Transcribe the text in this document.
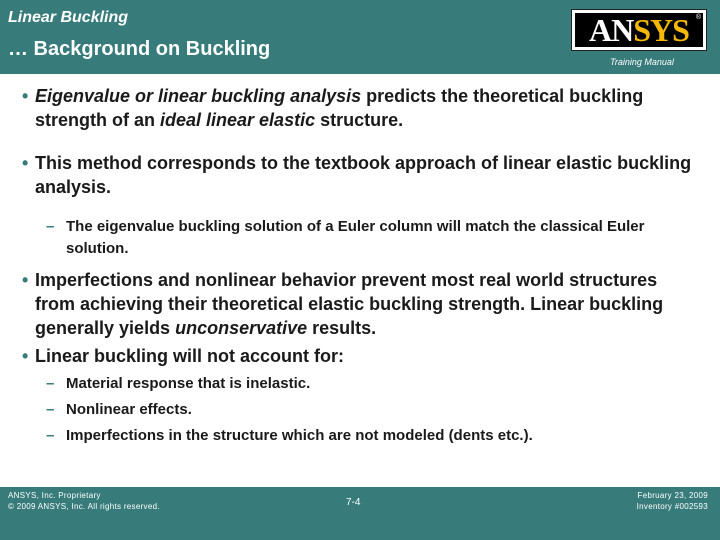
Linear Buckling
… Background on Buckling
ANSYS ®
Training Manual
• Eigenvalue or linear buckling analysis predicts the theoretical buckling strength of an ideal linear elastic structure.
• This method corresponds to the textbook approach of linear elastic buckling analysis.
– The eigenvalue buckling solution of a Euler column will match the classical Euler solution.
• Imperfections and nonlinear behavior prevent most real world structures from achieving their theoretical elastic buckling strength. Linear buckling generally yields unconservative results.
• Linear buckling will not account for:
– Material response that is inelastic.
– Nonlinear effects.
– Imperfections in the structure which are not modeled (dents etc.).
ANSYS, Inc. Proprietary
© 2009 ANSYS, Inc. All rights reserved.	7-4
February 23, 2009
Inventory #002593
